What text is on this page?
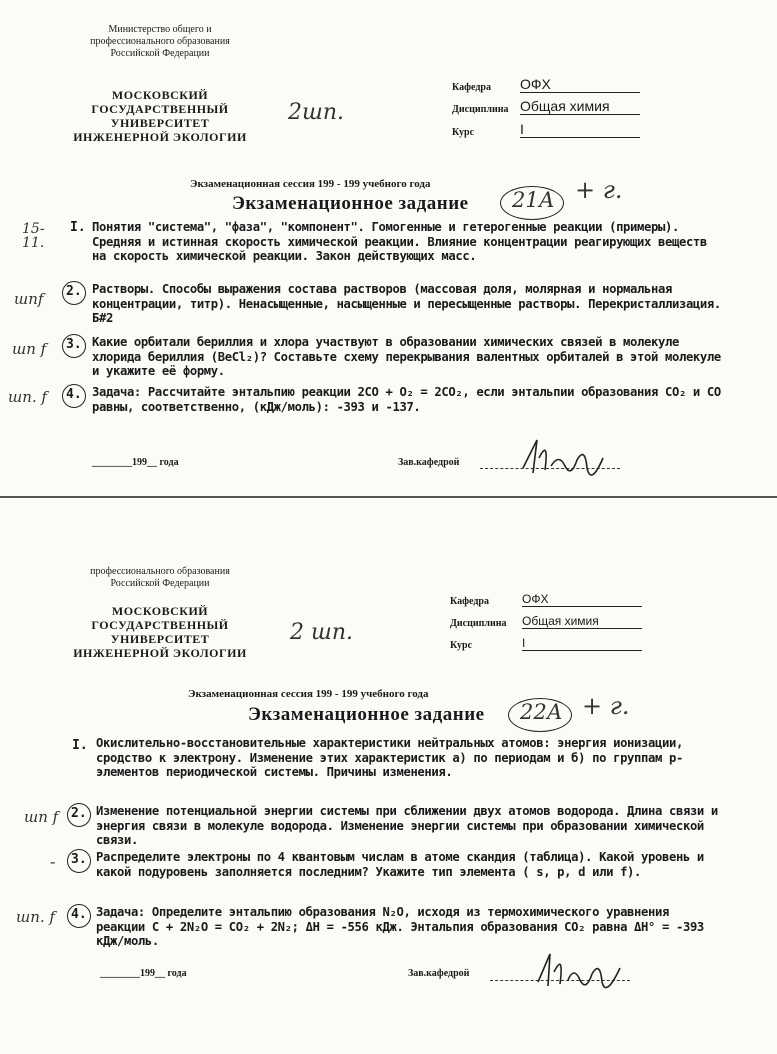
Министерство общего и
профессионального образования
Российской Федерации
МОСКОВСКИЙ
ГОСУДАРСТВЕННЫЙ
УНИВЕРСИТЕТ
ИНЖЕНЕРНОЙ ЭКОЛОГИИ
2шп.
Кафедра ОФХ
Дисциплина Общая химия
Курс	I
Экзаменационная сессия 199 - 199 учебного года
Экзаменационное задание 21А + г.
15-
11.
I. Понятия "система", "фаза", "компонент". Гомогенные и гетерогенные реакции (примеры). Средняя и истинная скорость химической реакции. Влияние концентрации реагирующих веществ на скорость химической реакции. Закон действующих масс.
шпf 2. Растворы. Способы выражения состава растворов (массовая доля, молярная и нормальная концентрации, титр). Ненасыщенные, насыщенные и пересыщенные растворы. Перекристаллизация. Б#2
шп f 3. Какие орбитали бериллия и хлора участвуют в образовании химических связей в молекуле хлорида бериллия (BeCl₂)? Составьте схему перекрывания валентных орбиталей в этой молекуле и укажите её форму.
шп. f 4. Задача: Рассчитайте энтальпию реакции 2CO + O₂ = 2CO₂, если энтальпии образования CO₂ и CO равны, соответственно, (кДж/моль): -393 и -137.
________199__ года	Зав.кафедрой
профессионального образования
Российской Федерации
МОСКОВСКИЙ
ГОСУДАРСТВЕННЫЙ
УНИВЕРСИТЕТ
ИНЖЕНЕРНОЙ ЭКОЛОГИИ
2 шп.
Кафедра	ОФХ
Дисциплина Общая химия
Курс	I
Экзаменационная сессия 199 - 199 учебного года
Экзаменационное задание 22А + г.
I. Окислительно-восстановительные характеристики нейтральных атомов: энергия ионизации, сродство к электрону. Изменение этих характеристик а) по периодам и б) по группам р-элементов периодической системы. Причины изменения.
шп f 2. Изменение потенциальной энергии системы при сближении двух атомов водорода. Длина связи и энергия связи в молекуле водорода. Изменение энергии системы при образовании химической связи.
- 3. Распределите электроны по 4 квантовым числам в атоме скандия (таблица). Какой уровень и какой подуровень заполняется последним? Укажите тип элемента ( s, p, d или f).
шп. f 4. Задача: Определите энтальпию образования N₂O, исходя из термохимического уравнения реакции C + 2N₂O = CO₂ + 2N₂; ΔH = -556 кДж. Энтальпия образования CO₂ равна ΔH° = -393 кДж/моль.
________199__ года	Зав.кафедрой
